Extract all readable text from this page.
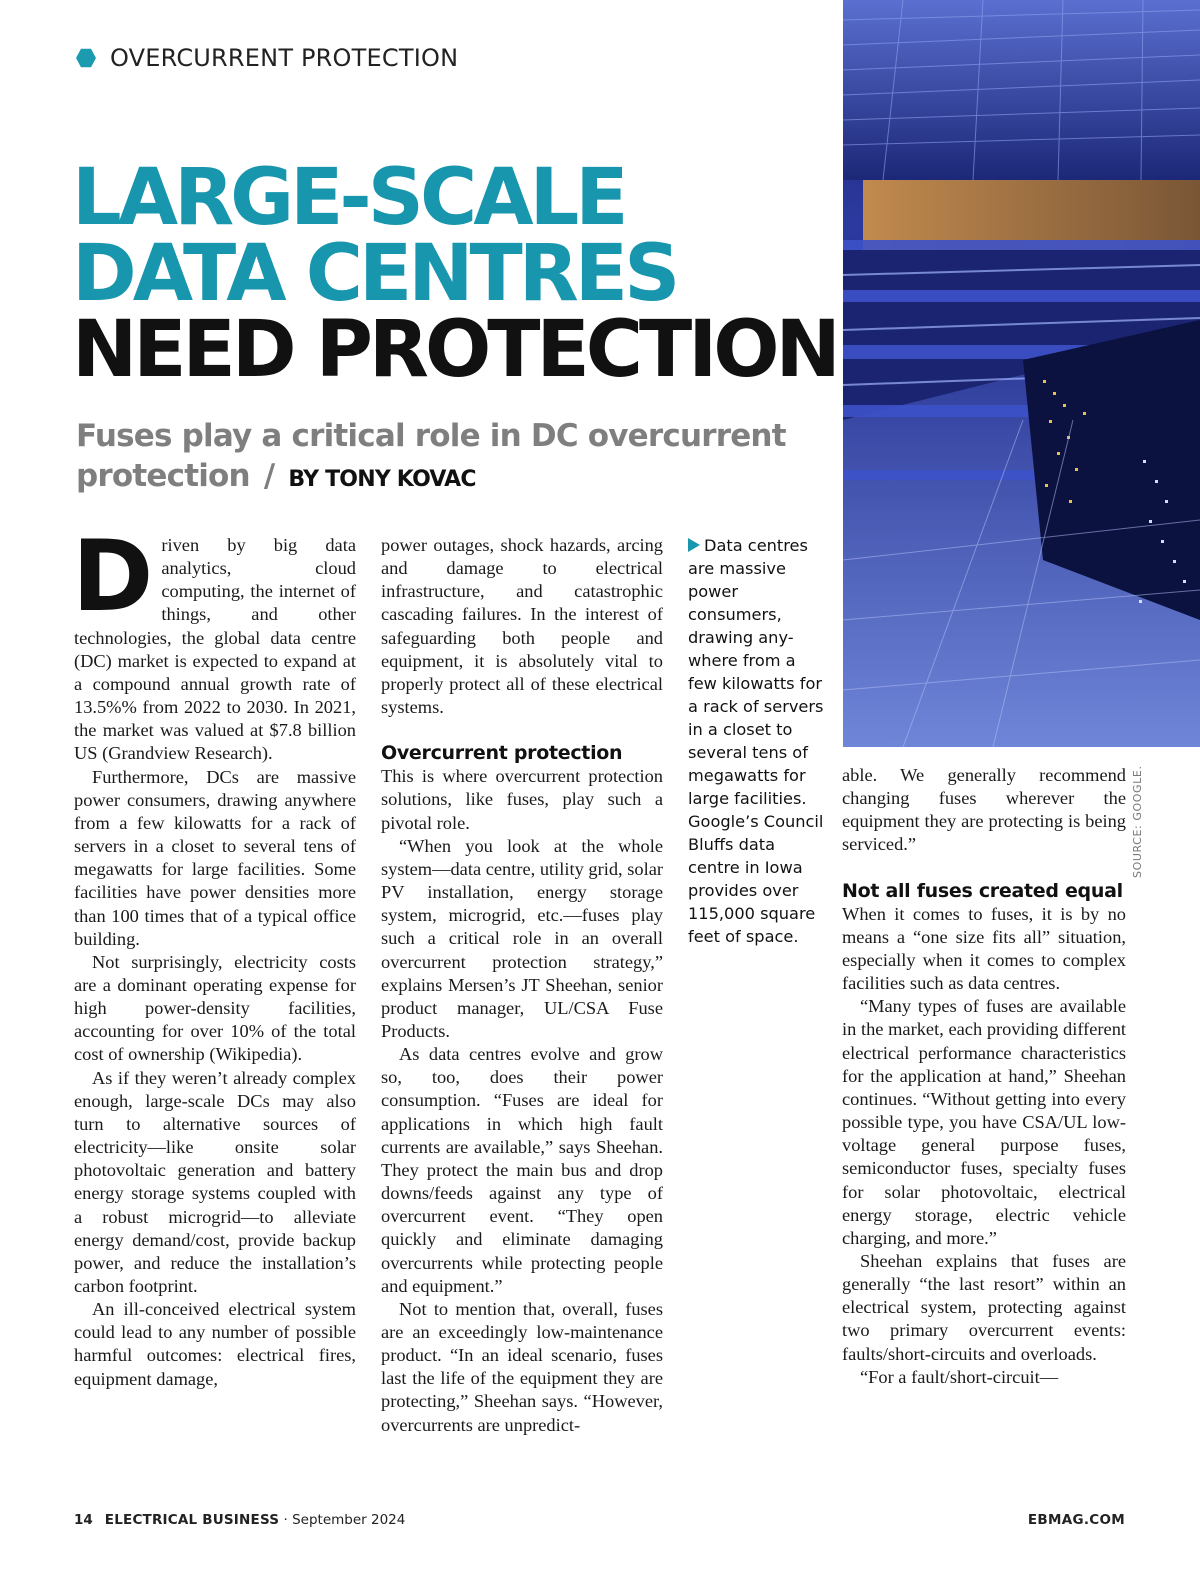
OVERCURRENT PROTECTION
LARGE-SCALE
DATA CENTRES
NEED PROTECTION

Fuses play a critical role in DC overcurrent protection / BY TONY KOVAC

SOURCE: GOOGLE.

Driven by big data analytics, cloud computing, the internet of things, and other technologies, the global data centre (DC) market is expected to expand at a compound annual growth rate of 13.5%% from 2022 to 2030. In 2021, the market was valued at $7.8 billion US (Grandview Research).

Furthermore, DCs are massive power consumers, drawing anywhere from a few kilowatts for a rack of servers in a closet to several tens of megawatts for large facilities. Some facilities have power densities more than 100 times that of a typical office building.

Not surprisingly, electricity costs are a dominant operating expense for high power-density facilities, accounting for over 10% of the total cost of ownership (Wikipedia).

As if they weren’t already complex enough, large-scale DCs may also turn to alternative sources of electricity—like onsite solar photovoltaic generation and battery energy storage systems coupled with a robust microgrid—to alleviate energy demand/cost, provide backup power, and reduce the installation’s carbon footprint.

An ill-conceived electrical system could lead to any number of possible harmful outcomes: electrical fires, equipment damage,

power outages, shock hazards, arcing and damage to electrical infrastructure, and catastrophic cascading failures. In the interest of safeguarding both people and equipment, it is absolutely vital to properly protect all of these electrical systems.

Overcurrent protection

This is where overcurrent protection solutions, like fuses, play such a pivotal role.

“When you look at the whole system—data centre, utility grid, solar PV installation, energy storage system, microgrid, etc.—fuses play such a critical role in an overall overcurrent protection strategy,” explains Mersen’s JT Sheehan, senior product manager, UL/CSA Fuse Products.

As data centres evolve and grow so, too, does their power consumption. “Fuses are ideal for applications in which high fault currents are available,” says Sheehan. They protect the main bus and drop downs/feeds against any type of overcurrent event. “They open quickly and eliminate damaging overcurrents while protecting people and equipment.”

Not to mention that, overall, fuses are an exceedingly low-maintenance product. “In an ideal scenario, fuses last the life of the equipment they are protecting,” Sheehan says. “However, overcurrents are unpredict-

Data centres are massive power consumers, drawing any-where from a few kilowatts for a rack of servers in a closet to several tens of megawatts for large facilities. Google’s Council Bluffs data centre in Iowa provides over 115,000 square feet of space.

able. We generally recommend changing fuses wherever the equipment they are protecting is being serviced.”

Not all fuses created equal

When it comes to fuses, it is by no means a “one size fits all” situation, especially when it comes to complex facilities such as data centres.

“Many types of fuses are available in the market, each providing different electrical performance characteristics for the application at hand,” Sheehan continues. “Without getting into every possible type, you have CSA/UL low-voltage general purpose fuses, semiconductor fuses, specialty fuses for solar photovoltaic, electrical energy storage, electric vehicle charging, and more.”

Sheehan explains that fuses are generally “the last resort” within an electrical system, protecting against two primary overcurrent events: faults/short-circuits and overloads.

“For a fault/short-circuit—

14 ELECTRICAL BUSINESS · September 2024	EBMAG.COM
